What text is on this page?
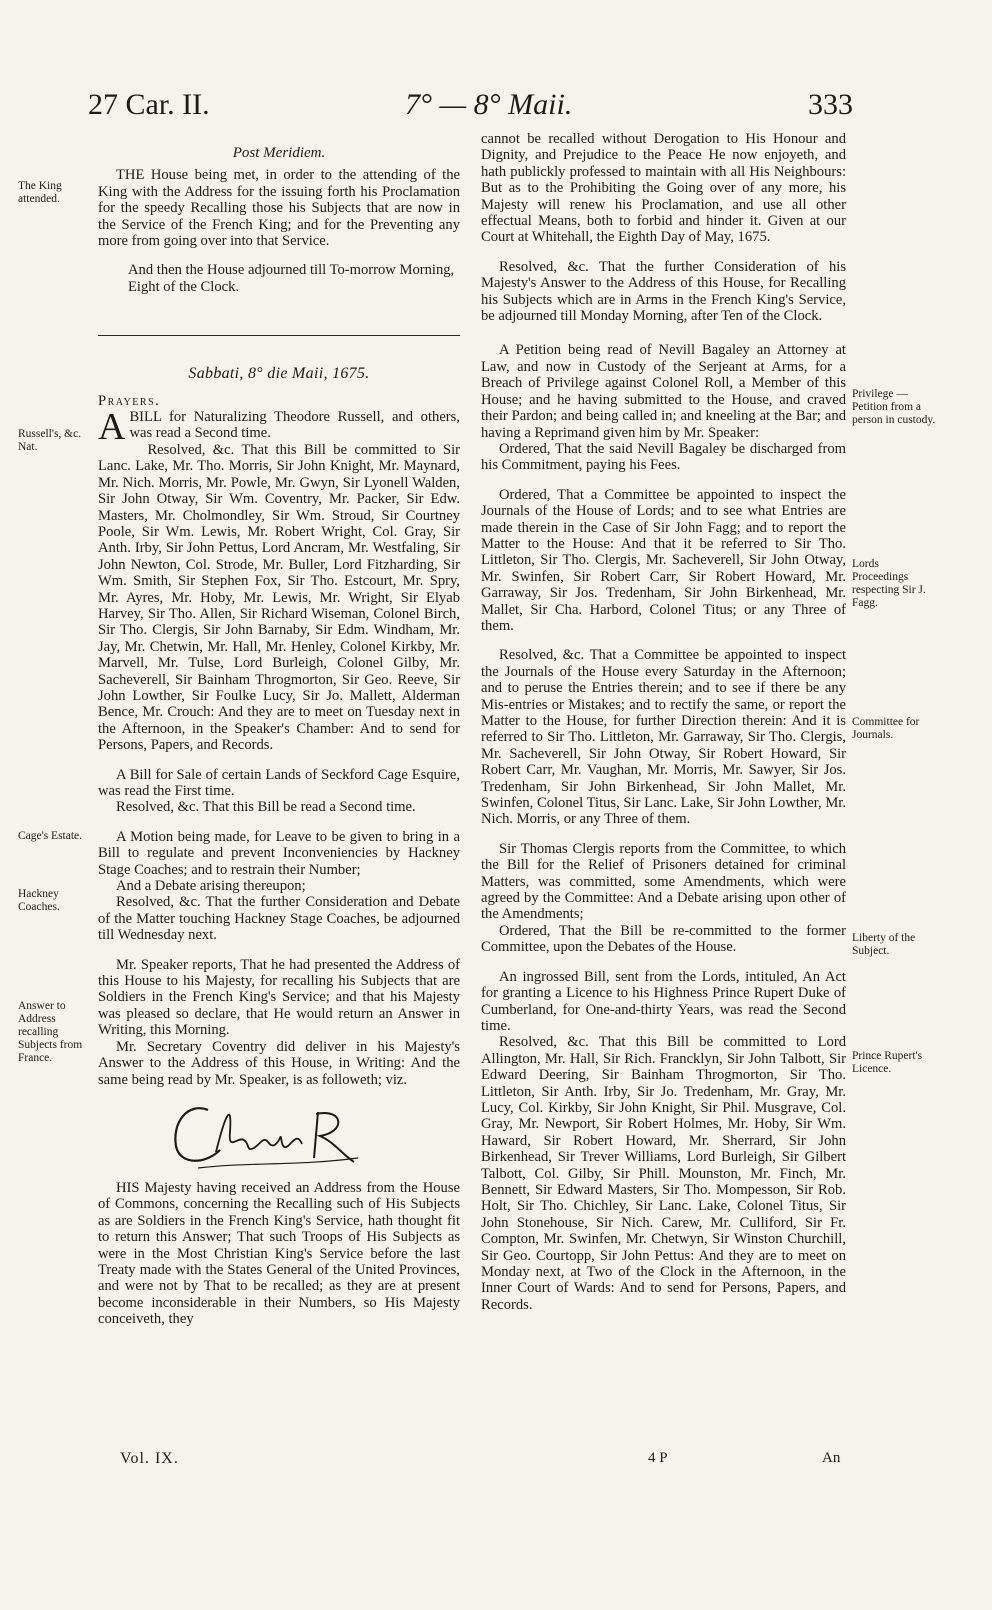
27 Car. II.	7° — 8° Maii.	333

Post Meridiem.

THE House being met, in order to the attending of the King with the Address for the issuing forth his Proclamation for the speedy Recalling those his Subjects that are now in the Service of the French King; and for the Preventing any more from going over into that Service.

And then the House adjourned till To-morrow Morning, Eight of the Clock.

Sabbati, 8° die Maii, 1675.

Prayers.

ABILL for Naturalizing Theodore Russell, and others, was read a Second time.

Resolved, &c. That this Bill be committed to Sir Lanc. Lake, Mr. Tho. Morris, Sir John Knight, Mr. Maynard, Mr. Nich. Morris, Mr. Powle, Mr. Gwyn, Sir Lyonell Walden, Sir John Otway, Sir Wm. Coventry, Mr. Packer, Sir Edw. Masters, Mr. Cholmondley, Sir Wm. Stroud, Sir Courtney Poole, Sir Wm. Lewis, Mr. Robert Wright, Col. Gray, Sir Anth. Irby, Sir John Pettus, Lord Ancram, Mr. Westfaling, Sir John Newton, Col. Strode, Mr. Buller, Lord Fitzharding, Sir Wm. Smith, Sir Stephen Fox, Sir Tho. Estcourt, Mr. Spry, Mr. Ayres, Mr. Hoby, Mr. Lewis, Mr. Wright, Sir Elyab Harvey, Sir Tho. Allen, Sir Richard Wiseman, Colonel Birch, Sir Tho. Clergis, Sir John Barnaby, Sir Edm. Windham, Mr. Jay, Mr. Chetwin, Mr. Hall, Mr. Henley, Colonel Kirkby, Mr. Marvell, Mr. Tulse, Lord Burleigh, Colonel Gilby, Mr. Sacheverell, Sir Bainham Throgmorton, Sir Geo. Reeve, Sir John Lowther, Sir Foulke Lucy, Sir Jo. Mallett, Alderman Bence, Mr. Crouch: And they are to meet on Tuesday next in the Afternoon, in the Speaker's Chamber: And to send for Persons, Papers, and Records.

A Bill for Sale of certain Lands of Seckford Cage Esquire, was read the First time.

Resolved, &c. That this Bill be read a Second time.

A Motion being made, for Leave to be given to bring in a Bill to regulate and prevent Inconveniencies by Hackney Stage Coaches; and to restrain their Number;

And a Debate arising thereupon;

Resolved, &c. That the further Consideration and Debate of the Matter touching Hackney Stage Coaches, be adjourned till Wednesday next.

Mr. Speaker reports, That he had presented the Address of this House to his Majesty, for recalling his Subjects that are Soldiers in the French King's Service; and that his Majesty was pleased so declare, that He would return an Answer in Writing, this Morning.

Mr. Secretary Coventry did deliver in his Majesty's Answer to the Address of this House, in Writing: And the same being read by Mr. Speaker, is as followeth; viz.

HIS Majesty having received an Address from the House of Commons, concerning the Recalling such of His Subjects as are Soldiers in the French King's Service, hath thought fit to return this Answer; That such Troops of His Subjects as were in the Most Christian King's Service before the last Treaty made with the States General of the United Provinces, and were not by That to be recalled; as they are at present become inconsiderable in their Numbers, so His Majesty conceiveth, they

cannot be recalled without Derogation to His Honour and Dignity, and Prejudice to the Peace He now enjoyeth, and hath publickly professed to maintain with all His Neighbours: But as to the Prohibiting the Going over of any more, his Majesty will renew his Proclamation, and use all other effectual Means, both to forbid and hinder it. Given at our Court at Whitehall, the Eighth Day of May, 1675.

Resolved, &c. That the further Consideration of his Majesty's Answer to the Address of this House, for Recalling his Subjects which are in Arms in the French King's Service, be adjourned till Monday Morning, after Ten of the Clock.

A Petition being read of Nevill Bagaley an Attorney at Law, and now in Custody of the Serjeant at Arms, for a Breach of Privilege against Colonel Roll, a Member of this House; and he having submitted to the House, and craved their Pardon; and being called in; and kneeling at the Bar; and having a Reprimand given him by Mr. Speaker:

Ordered, That the said Nevill Bagaley be discharged from his Commitment, paying his Fees.

Ordered, That a Committee be appointed to inspect the Journals of the House of Lords; and to see what Entries are made therein in the Case of Sir John Fagg; and to report the Matter to the House: And that it be referred to Sir Tho. Littleton, Sir Tho. Clergis, Mr. Sacheverell, Sir John Otway, Mr. Swinfen, Sir Robert Carr, Sir Robert Howard, Mr. Garraway, Sir Jos. Tredenham, Sir John Birkenhead, Mr. Mallet, Sir Cha. Harbord, Colonel Titus; or any Three of them.

Resolved, &c. That a Committee be appointed to inspect the Journals of the House every Saturday in the Afternoon; and to peruse the Entries therein; and to see if there be any Mis-entries or Mistakes; and to rectify the same, or report the Matter to the House, for further Direction therein: And it is referred to Sir Tho. Littleton, Mr. Garraway, Sir Tho. Clergis, Mr. Sacheverell, Sir John Otway, Sir Robert Howard, Sir Robert Carr, Mr. Vaughan, Mr. Morris, Mr. Sawyer, Sir Jos. Tredenham, Sir John Birkenhead, Sir John Mallet, Mr. Swinfen, Colonel Titus, Sir Lanc. Lake, Sir John Lowther, Mr. Nich. Morris, or any Three of them.

Sir Thomas Clergis reports from the Committee, to which the Bill for the Relief of Prisoners detained for criminal Matters, was committed, some Amendments, which were agreed by the Committee: And a Debate arising upon other of the Amendments;

Ordered, That the Bill be re-committed to the former Committee, upon the Debates of the House.

An ingrossed Bill, sent from the Lords, intituled, An Act for granting a Licence to his Highness Prince Rupert Duke of Cumberland, for One-and-thirty Years, was read the Second time.

Resolved, &c. That this Bill be committed to Lord Allington, Mr. Hall, Sir Rich. Francklyn, Sir John Talbott, Sir Edward Deering, Sir Bainham Throgmorton, Sir Tho. Littleton, Sir Anth. Irby, Sir Jo. Tredenham, Mr. Gray, Mr. Lucy, Col. Kirkby, Sir John Knight, Sir Phil. Musgrave, Col. Gray, Mr. Newport, Sir Robert Holmes, Mr. Hoby, Sir Wm. Haward, Sir Robert Howard, Mr. Sherrard, Sir John Birkenhead, Sir Trever Williams, Lord Burleigh, Sir Gilbert Talbott, Col. Gilby, Sir Phill. Mounston, Mr. Finch, Mr. Bennett, Sir Edward Masters, Sir Tho. Mompesson, Sir Rob. Holt, Sir Tho. Chichley, Sir Lanc. Lake, Colonel Titus, Sir John Stonehouse, Sir Nich. Carew, Mr. Culliford, Sir Fr. Compton, Mr. Swinfen, Mr. Chetwyn, Sir Winston Churchill, Sir Geo. Courtopp, Sir John Pettus: And they are to meet on Monday next, at Two of the Clock in the Afternoon, in the Inner Court of Wards: And to send for Persons, Papers, and Records.

The King attended.
Russell's, &c. Nat.
Cage's Estate.
Hackney Coaches.
Answer to Address recalling Subjects from France.
Privilege — Petition from a person in custody.
Lords Proceedings respecting Sir J. Fagg.
Committee for Journals.
Liberty of the Subject.
Prince Rupert's Licence.
Vol. IX.	4 P	An
